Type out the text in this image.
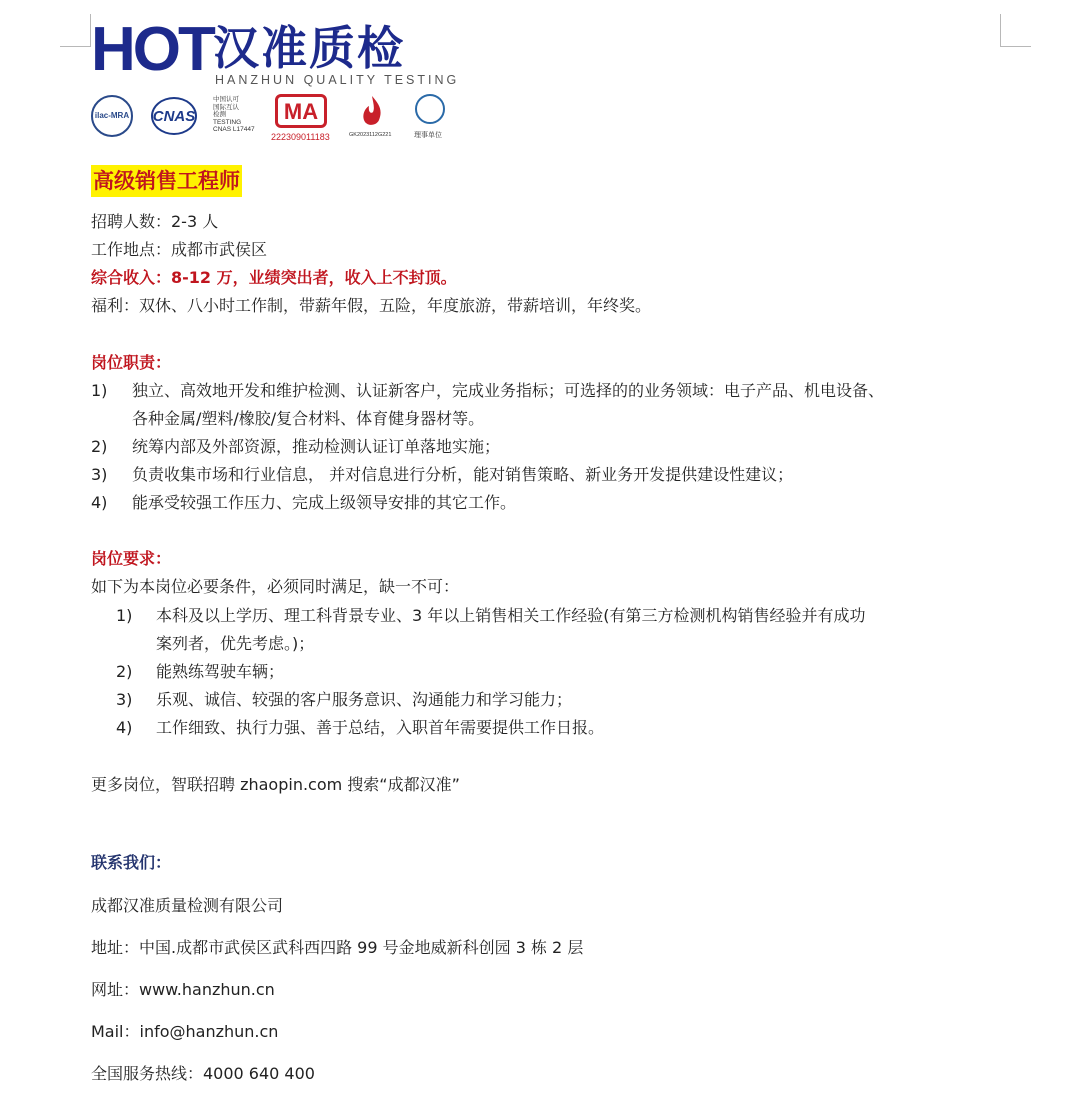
HOT 汉准质检
HANZHUN QUALITY TESTING
ilac-MRA	CNAS
中国认可
国际互认
检测
TESTING
CNAS L17447
MA
222309011183	GK2023112G221	理事单位
高级销售工程师
招聘人数：2-3 人
工作地点：成都市武侯区
综合收入：8-12 万，业绩突出者，收入上不封顶。
福利：双休、八小时工作制，带薪年假，五险，年度旅游，带薪培训，年终奖。
岗位职责：
1) 独立、高效地开发和维护检测、认证新客户，完成业务指标；可选择的的业务领域：电子产品、机电设备、
各种金属/塑料/橡胶/复合材料、体育健身器材等。
2) 统筹内部及外部资源，推动检测认证订单落地实施；
3) 负责收集市场和行业信息， 并对信息进行分析，能对销售策略、新业务开发提供建设性建议；
4) 能承受较强工作压力、完成上级领导安排的其它工作。
岗位要求：
如下为本岗位必要条件，必须同时满足，缺一不可：
1) 本科及以上学历、理工科背景专业、3 年以上销售相关工作经验(有第三方检测机构销售经验并有成功
案列者，优先考虑。)；
2) 能熟练驾驶车辆；
3) 乐观、诚信、较强的客户服务意识、沟通能力和学习能力；
4) 工作细致、执行力强、善于总结，入职首年需要提供工作日报。
更多岗位，智联招聘 zhaopin.com 搜索“成都汉准”
联系我们：
成都汉准质量检测有限公司
地址：中国.成都市武侯区武科西四路 99 号金地威新科创园 3 栋 2 层
网址：www.hanzhun.cn
Mail：info@hanzhun.cn
全国服务热线：4000 640 400
